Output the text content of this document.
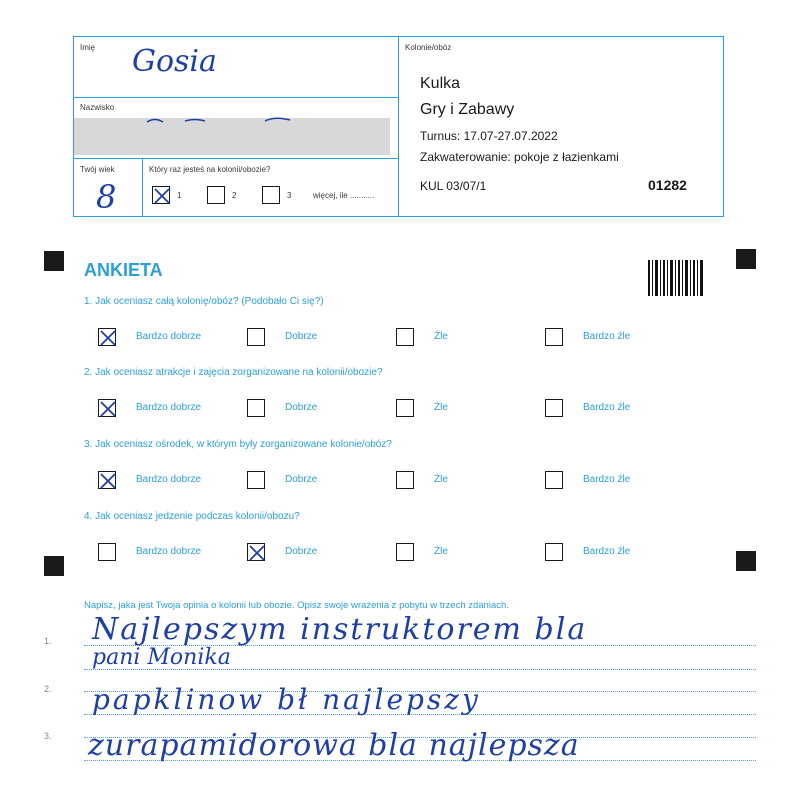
Imię Gosia
Nazwisko
Twój wiek
8
Który raz jesteś na kolonii/obozie?
1	2	3	więcej, ile ...........
Kolonie/obóz
Kulka
Gry i Zabawy
Turnus: 17.07-27.07.2022
Zakwaterowanie: pokoje z łazienkami
KUL 03/07/1	01282
ANKIETA
1. Jak oceniasz całą kolonię/obóz? (Podobało Ci się?)
Bardzo dobrze	Dobrze	Źle	Bardzo źle
2. Jak oceniasz atrakcje i zajęcia zorganizowane na kolonii/obozie?
Bardzo dobrze	Dobrze	Źle	Bardzo źle
3. Jak oceniasz ośrodek, w którym były zorganizowane kolonie/obóz?
Bardzo dobrze	Dobrze	Źle	Bardzo źle
4. Jak oceniasz jedzenie podczas kolonii/obozu?
Bardzo dobrze	Dobrze	Źle	Bardzo źle
Napisz, jaka jest Twoja opinia o kolonii lub obozie. Opisz swoje wrażenia z pobytu w trzech zdaniach.
1.
2.
3.
Najlepszym instruktorem bla
pani Monika
papklinow bł najlepszy
zurapamidorowa bla najlepsza
